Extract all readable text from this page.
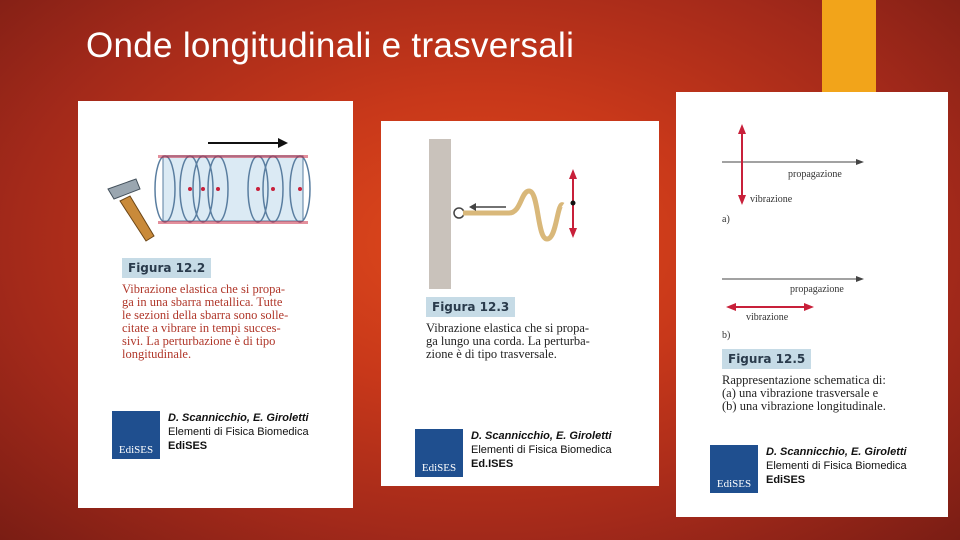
Onde longitudinali e trasversali
Figura 12.2
Vibrazione elastica che si propa-
ga in una sbarra metallica. Tutte
le sezioni della sbarra sono solle-
citate a vibrare in tempi succes-
sivi. La perturbazione è di tipo
longitudinale.
EdiSES
D. Scannicchio, E. Giroletti
Elementi di Fisica Biomedica
EdiSES
Figura 12.3
Vibrazione elastica che si propa-
ga lungo una corda. La perturba-
zione è di tipo trasversale.
EdiSES
D. Scannicchio, E. Giroletti
Elementi di Fisica Biomedica
Ed.ISES
propagazione
vibrazione
a)
propagazione
vibrazione
b)
Figura 12.5
Rappresentazione schematica di:
(a) una vibrazione trasversale e
(b) una vibrazione longitudinale.
EdiSES
D. Scannicchio, E. Giroletti
Elementi di Fisica Biomedica
EdiSES
